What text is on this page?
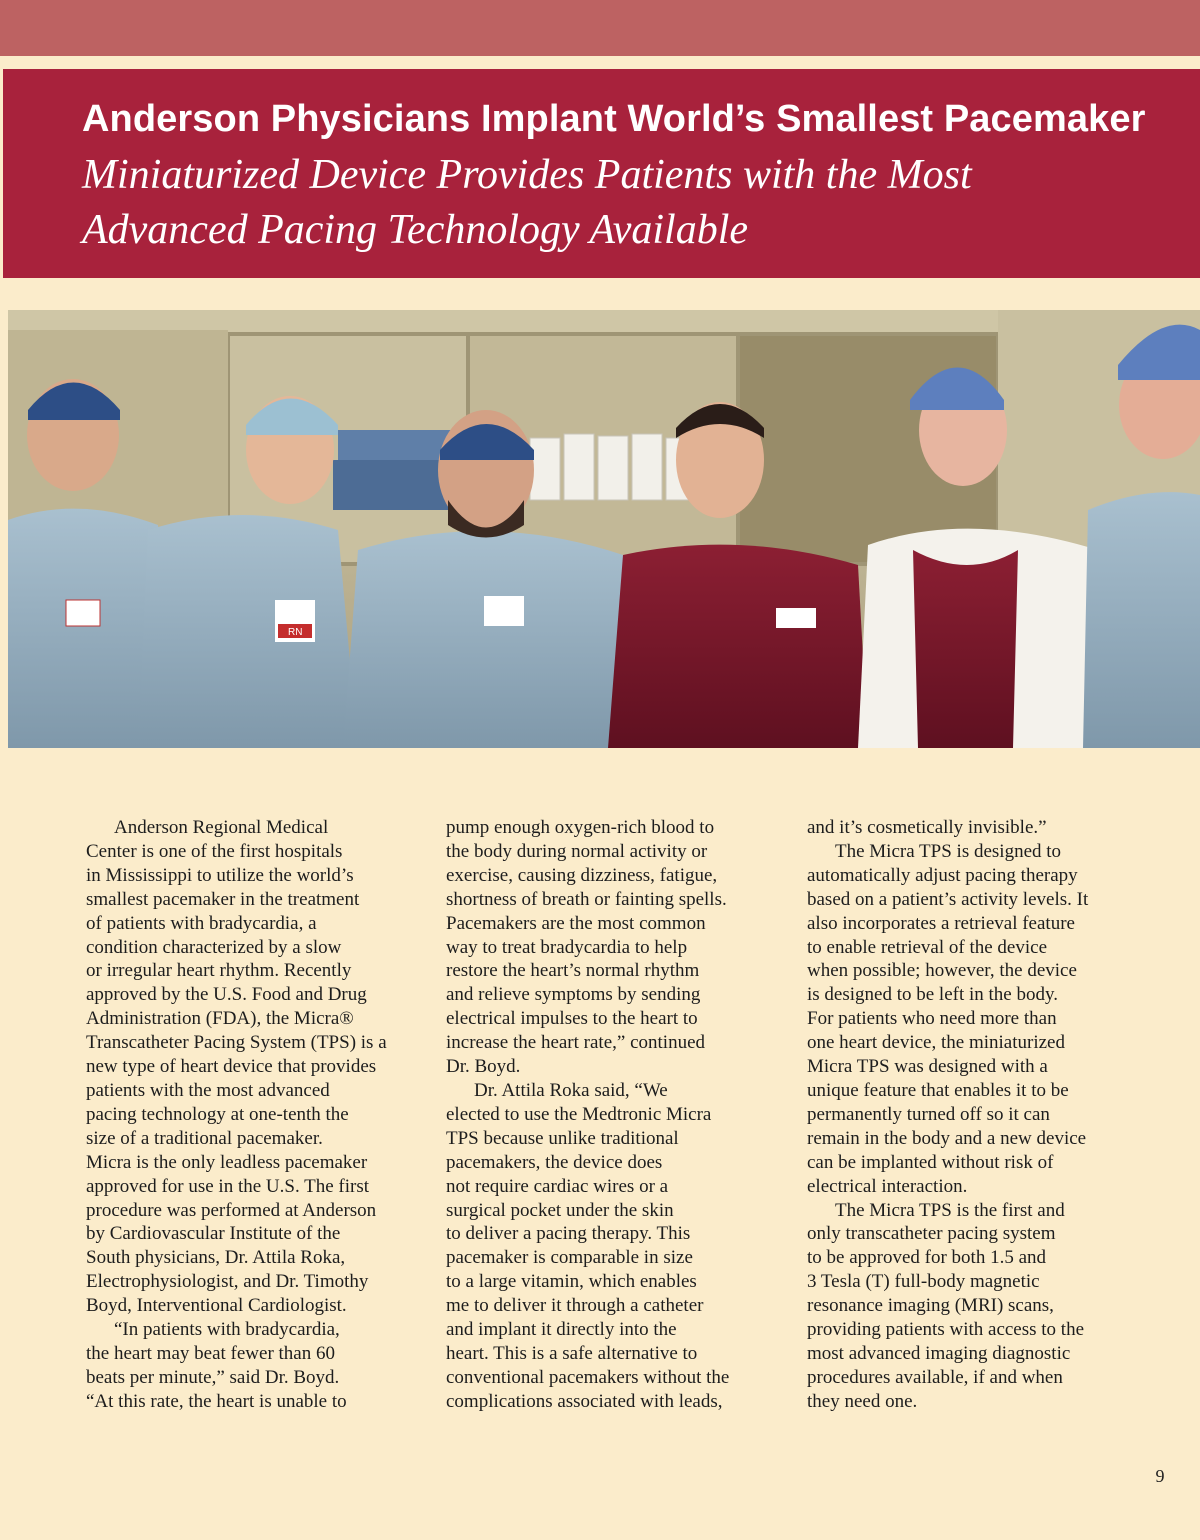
Anderson Physicians Implant World’s Smallest Pacemaker
Miniaturized Device Provides Patients with the Most
Advanced Pacing Technology Available
RN
Anderson Regional Medical
Center is one of the first hospitals
in Mississippi to utilize the world’s
smallest pacemaker in the treatment
of patients with bradycardia, a
condition characterized by a slow
or irregular heart rhythm. Recently
approved by the U.S. Food and Drug
Administration (FDA), the Micra®
Transcatheter Pacing System (TPS) is a
new type of heart device that provides
patients with the most advanced
pacing technology at one-tenth the
size of a traditional pacemaker.
Micra is the only leadless pacemaker
approved for use in the U.S. The first
procedure was performed at Anderson
by Cardiovascular Institute of the
South physicians, Dr. Attila Roka,
Electrophysiologist, and Dr. Timothy
Boyd, Interventional Cardiologist.
“In patients with bradycardia,
the heart may beat fewer than 60
beats per minute,” said Dr. Boyd.
“At this rate, the heart is unable to
pump enough oxygen-rich blood to
the body during normal activity or
exercise, causing dizziness, fatigue,
shortness of breath or fainting spells.
Pacemakers are the most common
way to treat bradycardia to help
restore the heart’s normal rhythm
and relieve symptoms by sending
electrical impulses to the heart to
increase the heart rate,” continued
Dr. Boyd.
Dr. Attila Roka said, “We
elected to use the Medtronic Micra
TPS because unlike traditional
pacemakers, the device does
not require cardiac wires or a
surgical pocket under the skin
to deliver a pacing therapy. This
pacemaker is comparable in size
to a large vitamin, which enables
me to deliver it through a catheter
and implant it directly into the
heart. This is a safe alternative to
conventional pacemakers without the
complications associated with leads,
and it’s cosmetically invisible.”
The Micra TPS is designed to
automatically adjust pacing therapy
based on a patient’s activity levels. It
also incorporates a retrieval feature
to enable retrieval of the device
when possible; however, the device
is designed to be left in the body.
For patients who need more than
one heart device, the miniaturized
Micra TPS was designed with a
unique feature that enables it to be
permanently turned off so it can
remain in the body and a new device
can be implanted without risk of
electrical interaction.
The Micra TPS is the first and
only transcatheter pacing system
to be approved for both 1.5 and
3 Tesla (T) full-body magnetic
resonance imaging (MRI) scans,
providing patients with access to the
most advanced imaging diagnostic
procedures available, if and when
they need one.
9
